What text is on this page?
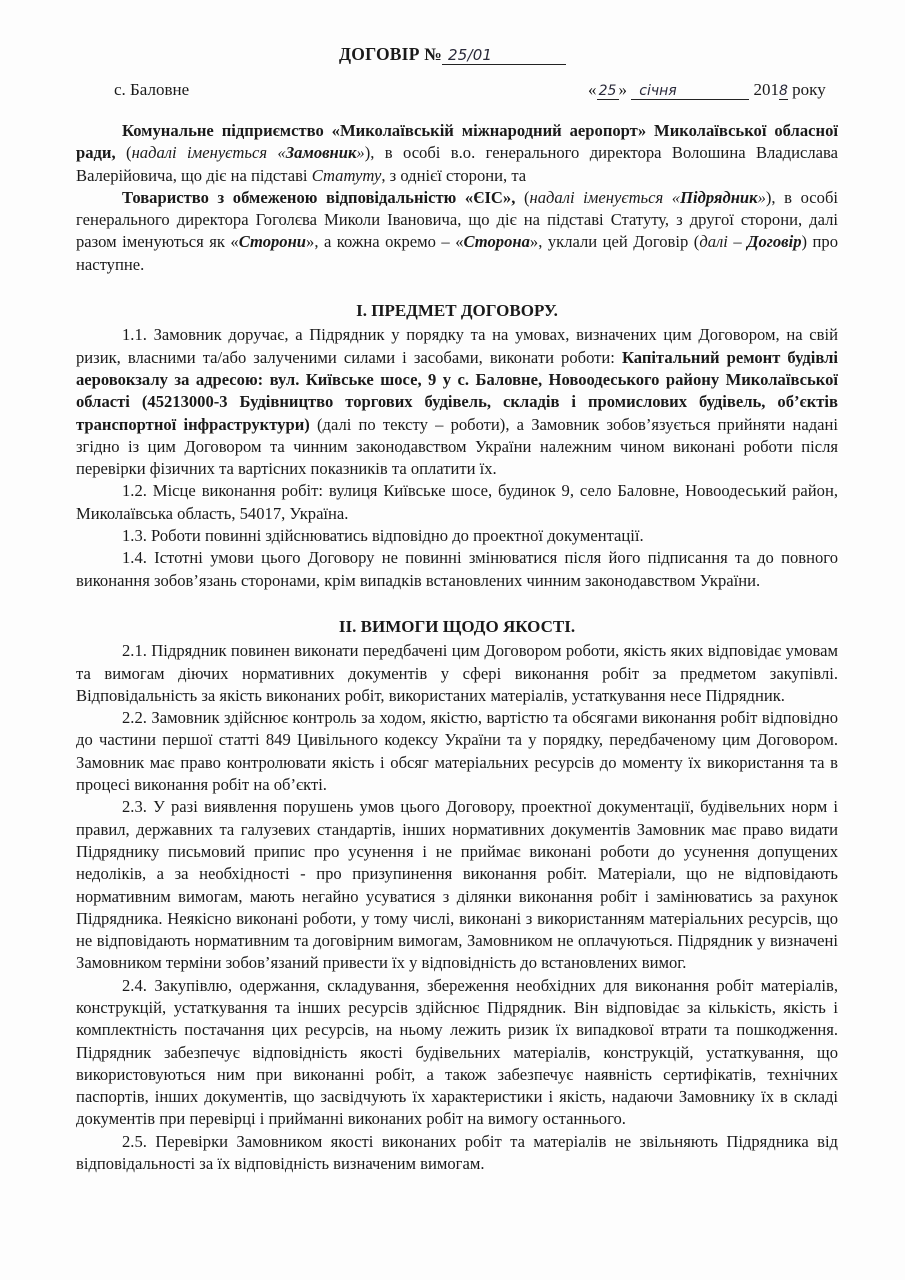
ДОГОВІР № 25/01
с. Баловне	« 25 » січня	2018 року

Комунальне підприємство «Миколаївській міжнародний аеропорт» Миколаївської обласної ради, (надалі іменується «Замовник»), в особі в.о. генерального директора Волошина Владислава Валерійовича, що діє на підставі Статуту, з однієї сторони, та

Товариство з обмеженою відповідальністю «ЄІС», (надалі іменується «Підрядник»), в особі генерального директора Гоголєва Миколи Івановича, що діє на підставі Статуту, з другої сторони, далі разом іменуються як «Сторони», а кожна окремо – «Сторона», уклали цей Договір (далі – Договір) про наступне.

І. ПРЕДМЕТ ДОГОВОРУ.

1.1. Замовник доручає, а Підрядник у порядку та на умовах, визначених цим Договором, на свій ризик, власними та/або залученими силами і засобами, виконати роботи: Капітальний ремонт будівлі аеровокзалу за адресою: вул. Київське шосе, 9 у с. Баловне, Новоодеського району Миколаївської області (45213000-3 Будівництво торгових будівель, складів і промислових будівель, об’єктів транспортної інфраструктури) (далі по тексту – роботи), а Замовник зобов’язується прийняти надані згідно із цим Договором та чинним законодавством України належним чином виконані роботи після перевірки фізичних та вартісних показників та оплатити їх.

1.2. Місце виконання робіт: вулиця Київське шосе, будинок 9, село Баловне, Новоодеський район, Миколаївська область, 54017, Україна.

1.3. Роботи повинні здійснюватись відповідно до проектної документації.

1.4. Істотні умови цього Договору не повинні змінюватися після його підписання та до повного виконання зобов’язань сторонами, крім випадків встановлених чинним законодавством України.

ІІ. ВИМОГИ ЩОДО ЯКОСТІ.

2.1. Підрядник повинен виконати передбачені цим Договором роботи, якість яких відповідає умовам та вимогам діючих нормативних документів у сфері виконання робіт за предметом закупівлі. Відповідальність за якість виконаних робіт, використаних матеріалів, устаткування несе Підрядник.

2.2. Замовник здійснює контроль за ходом, якістю, вартістю та обсягами виконання робіт відповідно до частини першої статті 849 Цивільного кодексу України та у порядку, передбаченому цим Договором. Замовник має право контролювати якість і обсяг матеріальних ресурсів до моменту їх використання та в процесі виконання робіт на об’єкті.

2.3. У разі виявлення порушень умов цього Договору, проектної документації, будівельних норм і правил, державних та галузевих стандартів, інших нормативних документів Замовник має право видати Підряднику письмовий припис про усунення і не приймає виконані роботи до усунення допущених недоліків, а за необхідності - про призупинення виконання робіт. Матеріали, що не відповідають нормативним вимогам, мають негайно усуватися з ділянки виконання робіт і замінюватись за рахунок Підрядника. Неякісно виконані роботи, у тому числі, виконані з використанням матеріальних ресурсів, що не відповідають нормативним та договірним вимогам, Замовником не оплачуються. Підрядник у визначені Замовником терміни зобов’язаний привести їх у відповідність до встановлених вимог.

2.4. Закупівлю, одержання, складування, збереження необхідних для виконання робіт матеріалів, конструкцій, устаткування та інших ресурсів здійснює Підрядник. Він відповідає за кількість, якість і комплектність постачання цих ресурсів, на ньому лежить ризик їх випадкової втрати та пошкодження. Підрядник забезпечує відповідність якості будівельних матеріалів, конструкцій, устаткування, що використовуються ним при виконанні робіт, а також забезпечує наявність сертифікатів, технічних паспортів, інших документів, що засвідчують їх характеристики і якість, надаючи Замовнику їх в складі документів при перевірці і прийманні виконаних робіт на вимогу останнього.

2.5. Перевірки Замовником якості виконаних робіт та матеріалів не звільняють Підрядника від відповідальності за їх відповідність визначеним вимогам.
